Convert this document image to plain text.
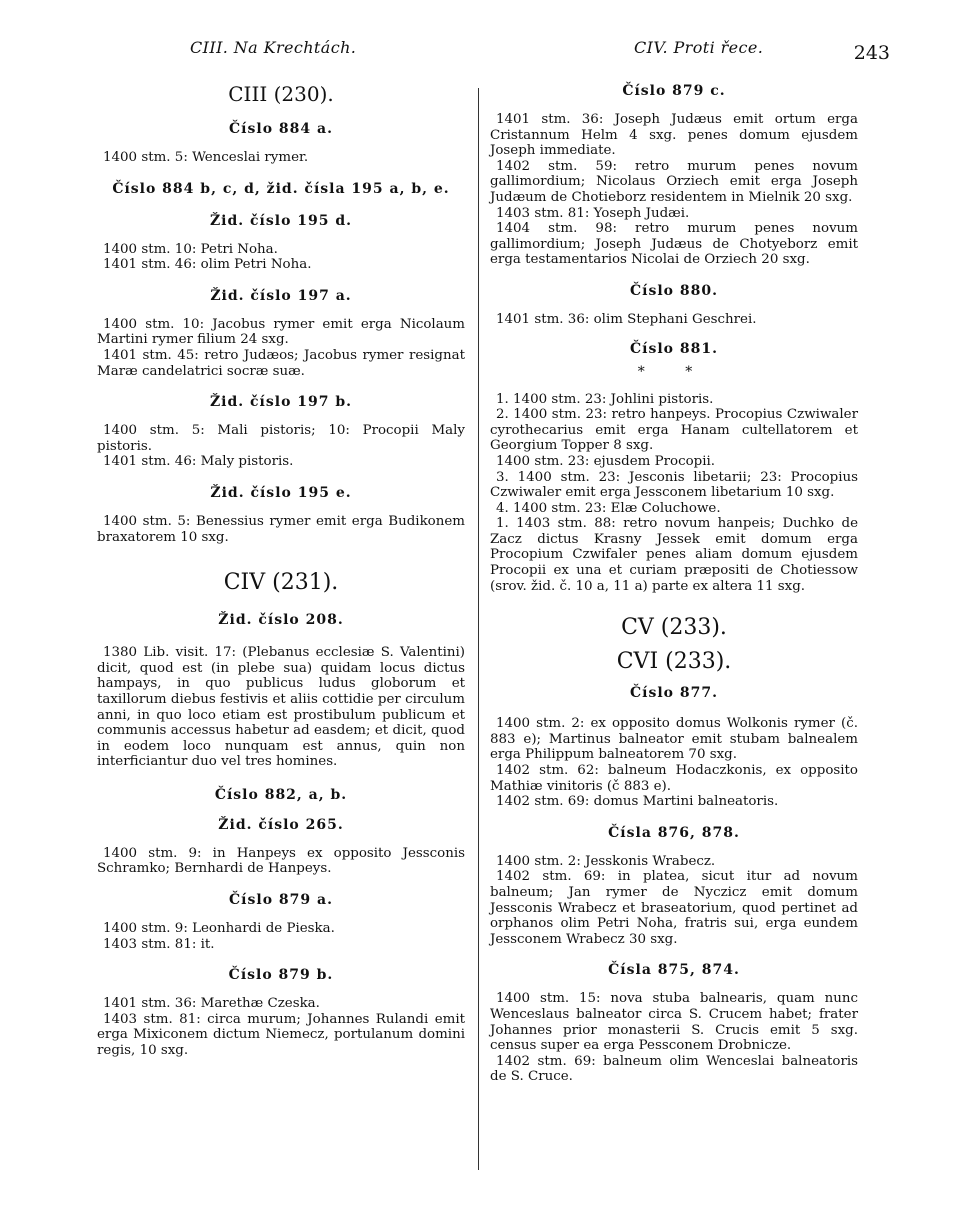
CIII. Na Krechtách.	CIV. Proti řece.	243
CIII (230).
Číslo 884 a.

1400 stm. 5: Wenceslai rymer.

Číslo 884 b, c, d, žid. čísla 195 a, b, e.
Žid. číslo 195 d.

1400 stm. 10: Petri Noha.

1401 stm. 46: olim Petri Noha.

Žid. číslo 197 a.

1400 stm. 10: Jacobus rymer emit erga Nicolaum Martini rymer filium 24 sxg.

1401 stm. 45: retro Judæos; Jacobus rymer resignat Maræ candelatrici socræ suæ.

Žid. číslo 197 b.

1400 stm. 5: Mali pistoris; 10: Procopii Maly pistoris.

1401 stm. 46: Maly pistoris.

Žid. číslo 195 e.

1400 stm. 5: Benessius rymer emit erga Budikonem braxatorem 10 sxg.

CIV (231).
Žid. číslo 208.

1380 Lib. visit. 17: (Plebanus ecclesiæ S. Valentini) dicit, quod est (in plebe sua) quidam locus dictus hampays, in quo publicus ludus globorum et taxillorum diebus festivis et aliis cottidie per circulum anni, in quo loco etiam est prostibulum publicum et communis accessus habetur ad easdem; et dicit, quod in eodem loco nunquam est annus, quin non interficiantur duo vel tres homines.

Číslo 882, a, b.
Žid. číslo 265.

1400 stm. 9: in Hanpeys ex opposito Jessconis Schramko; Bernhardi de Hanpeys.

Číslo 879 a.

1400 stm. 9: Leonhardi de Pieska.

1403 stm. 81: it.

Číslo 879 b.

1401 stm. 36: Marethæ Czeska.

1403 stm. 81: circa murum; Johannes Rulandi emit erga Mixiconem dictum Niemecz, portulanum domini regis, 10 sxg.

Číslo 879 c.

1401 stm. 36: Joseph Judæus emit ortum erga Cristannum Helm 4 sxg. penes domum ejusdem Joseph immediate.

1402 stm. 59: retro murum penes novum gallimordium; Nicolaus Orziech emit erga Joseph Judæum de Chotieborz residentem in Mielnik 20 sxg.

1403 stm. 81: Yoseph Judæi.

1404 stm. 98: retro murum penes novum gallimordium; Joseph Judæus de Chotyeborz emit erga testamentarios Nicolai de Orziech 20 sxg.

Číslo 880.

1401 stm. 36: olim Stephani Geschrei.

Číslo 881.
* *

1. 1400 stm. 23: Johlini pistoris.

2. 1400 stm. 23: retro hanpeys. Procopius Czwiwaler cyrothecarius emit erga Hanam cultellatorem et Georgium Topper 8 sxg.

1400 stm. 23: ejusdem Procopii.

3. 1400 stm. 23: Jesconis libetarii; 23: Procopius Czwiwaler emit erga Jessconem libetarium 10 sxg.

4. 1400 stm. 23: Elæ Coluchowe.

1. 1403 stm. 88: retro novum hanpeis; Duchko de Zacz dictus Krasny Jessek emit domum erga Procopium Czwifaler penes aliam domum ejusdem Procopii ex una et curiam præpositi de Chotiessow (srov. žid. č. 10 a, 11 a) parte ex altera 11 sxg.

CV (233).
CVI (233).
Číslo 877.

1400 stm. 2: ex opposito domus Wolkonis rymer (č. 883 e); Martinus balneator emit stubam balnealem erga Philippum balneatorem 70 sxg.

1402 stm. 62: balneum Hodaczkonis, ex opposito Mathiæ vinitoris (č 883 e).

1402 stm. 69: domus Martini balneatoris.

Čísla 876, 878.

1400 stm. 2: Jesskonis Wrabecz.

1402 stm. 69: in platea, sicut itur ad novum balneum; Jan rymer de Nyczicz emit domum Jessconis Wrabecz et braseatorium, quod pertinet ad orphanos olim Petri Noha, fratris sui, erga eundem Jessconem Wrabecz 30 sxg.

Čísla 875, 874.

1400 stm. 15: nova stuba balnearis, quam nunc Wenceslaus balneator circa S. Crucem habet; frater Johannes prior monasterii S. Crucis emit 5 sxg. census super ea erga Pessconem Drobnicze.

1402 stm. 69: balneum olim Wenceslai balneatoris de S. Cruce.
